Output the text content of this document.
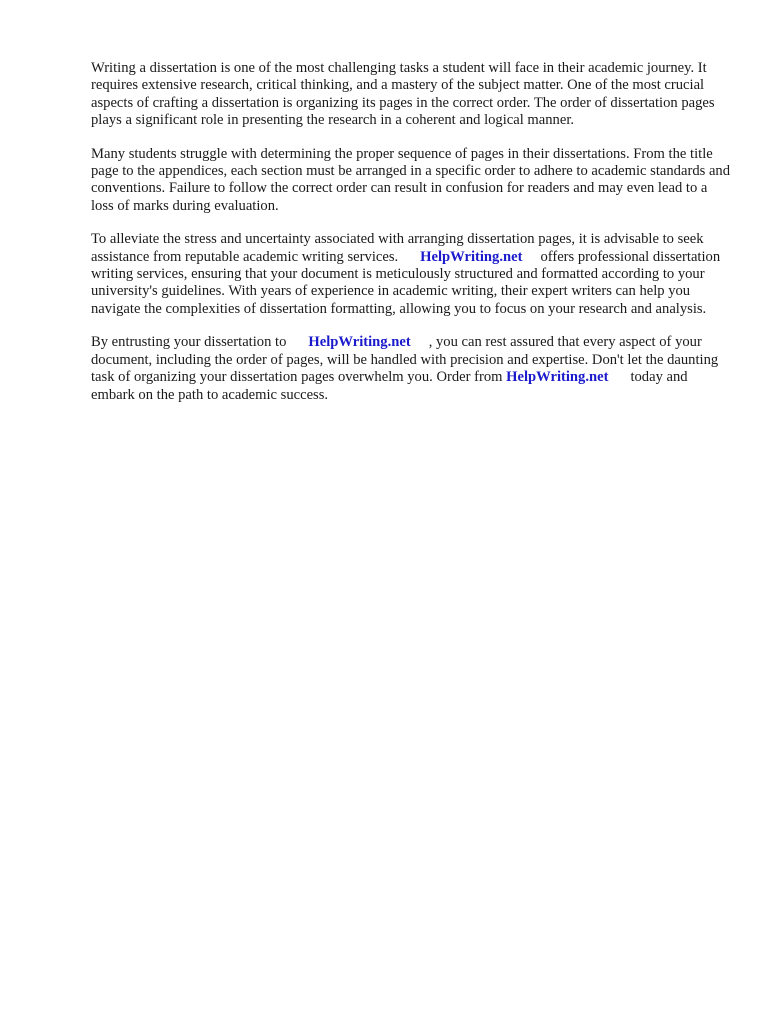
Writing a dissertation is one of the most challenging tasks a student will face in their academic journey. It requires extensive research, critical thinking, and a mastery of the subject matter. One of the most crucial aspects of crafting a dissertation is organizing its pages in the correct order. The order of dissertation pages plays a significant role in presenting the research in a coherent and logical manner.

Many students struggle with determining the proper sequence of pages in their dissertations. From the title page to the appendices, each section must be arranged in a specific order to adhere to academic standards and conventions. Failure to follow the correct order can result in confusion for readers and may even lead to a loss of marks during evaluation.

To alleviate the stress and uncertainty associated with arranging dissertation pages, it is advisable to seek assistance from reputable academic writing services. HelpWriting.net offers professional dissertation writing services, ensuring that your document is meticulously structured and formatted according to your university's guidelines. With years of experience in academic writing, their expert writers can help you navigate the complexities of dissertation formatting, allowing you to focus on your research and analysis.

By entrusting your dissertation to HelpWriting.net , you can rest assured that every aspect of your document, including the order of pages, will be handled with precision and expertise. Don't let the daunting task of organizing your dissertation pages overwhelm you. Order from HelpWriting.net today and embark on the path to academic success.
